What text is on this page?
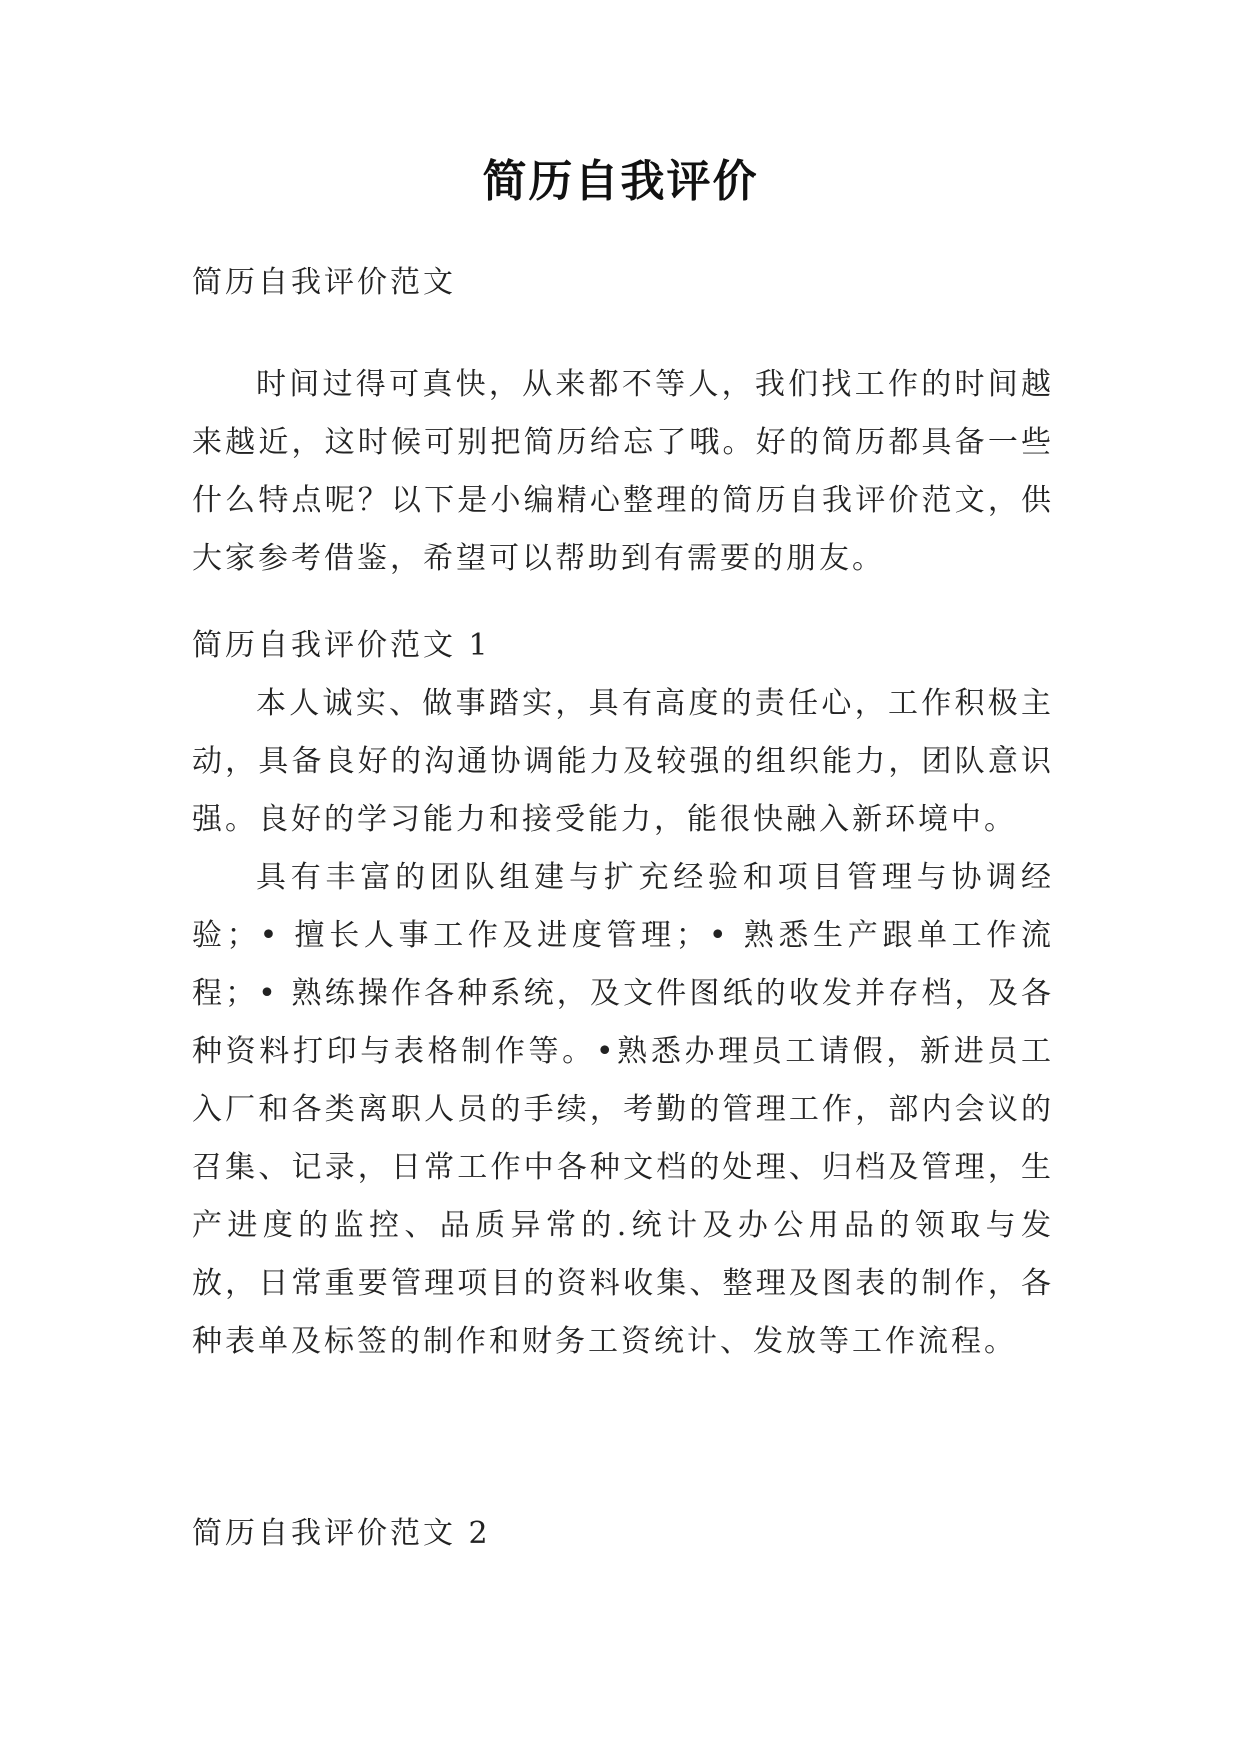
简历自我评价
简历自我评价范文

时间过得可真快，从来都不等人，我们找工作的时间越来越近，这时候可别把简历给忘了哦。好的简历都具备一些什么特点呢？以下是小编精心整理的简历自我评价范文，供大家参考借鉴，希望可以帮助到有需要的朋友。

简历自我评价范文 1

本人诚实、做事踏实，具有高度的责任心，工作积极主动，具备良好的沟通协调能力及较强的组织能力，团队意识强。良好的学习能力和接受能力，能很快融入新环境中。

具有丰富的团队组建与扩充经验和项目管理与协调经验；• 擅长人事工作及进度管理；• 熟悉生产跟单工作流程；• 熟练操作各种系统，及文件图纸的收发并存档，及各种资料打印与表格制作等。•熟悉办理员工请假，新进员工入厂和各类离职人员的手续，考勤的管理工作，部内会议的召集、记录，日常工作中各种文档的处理、归档及管理，生产进度的监控、品质异常的.统计及办公用品的领取与发放，日常重要管理项目的资料收集、整理及图表的制作，各种表单及标签的制作和财务工资统计、发放等工作流程。

简历自我评价范文 2
